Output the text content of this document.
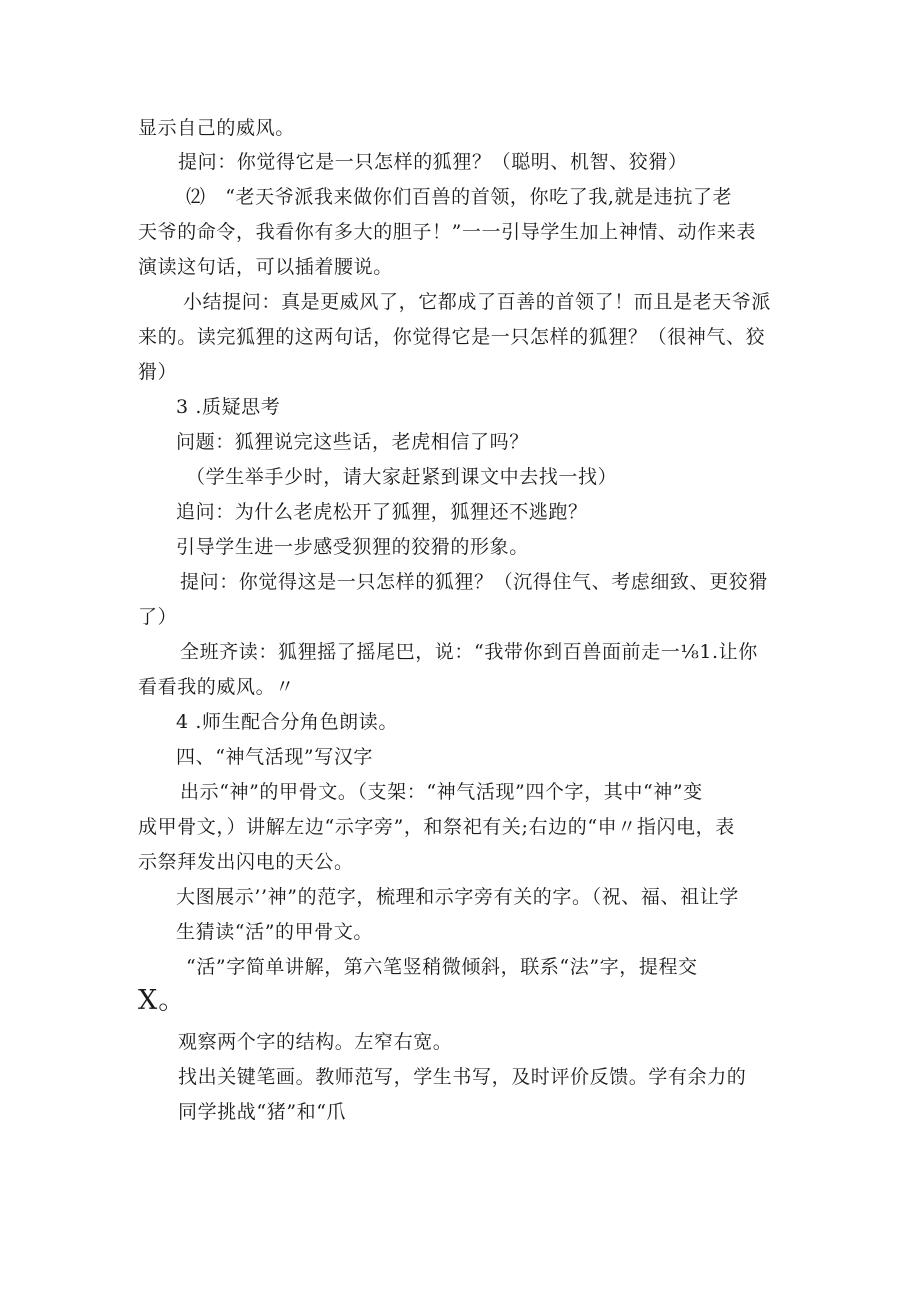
显示自己的威风。
提问：你觉得它是一只怎样的狐狸？（聪明、机智、狡猾）
⑵　“老天爷派我来做你们百兽的首领，你吃了我,就是违抗了老
天爷的命令，我看你有多大的胆子！”一一引导学生加上神情、动作来表
演读这句话，可以插着腰说。
小结提问：真是更威风了，它都成了百善的首领了！而且是老天爷派
来的。读完狐狸的这两句话，你觉得它是一只怎样的狐狸？（很神气、狡
猾）
3 .质疑思考
问题：狐狸说完这些话，老虎相信了吗？
（学生举手少时，请大家赶紧到课文中去找一找）
追问：为什么老虎松开了狐狸，狐狸还不逃跑？
引导学生进一步感受狈狸的狡猾的形象。
提问：你觉得这是一只怎样的狐狸？（沉得住气、考虑细致、更狡猾
了）
全班齐读：狐狸摇了摇尾巴，说：“我带你到百兽面前走一⅛1.让你
看看我的威风。〃
4 .师生配合分角色朗读。
四、“神气活现”写汉字
出示“神”的甲骨文。（支架：“神气活现”四个字，其中“神”变
成甲骨文，）讲解左边“示字旁”，和祭祀有关;右边的“申〃指闪电，表
示祭拜发出闪电的天公。
大图展示’’神”的范字，梳理和示字旁有关的字。（祝、福、祖让学
生猜读“活”的甲骨文。
“活”字简单讲解，第六笔竖稍微倾斜，联系“法”字，提程交
X。
观察两个字的结构。左窄右宽。
找出关键笔画。教师范写，学生书写，及时评价反馈。学有余力的
同学挑战“猪”和“爪
